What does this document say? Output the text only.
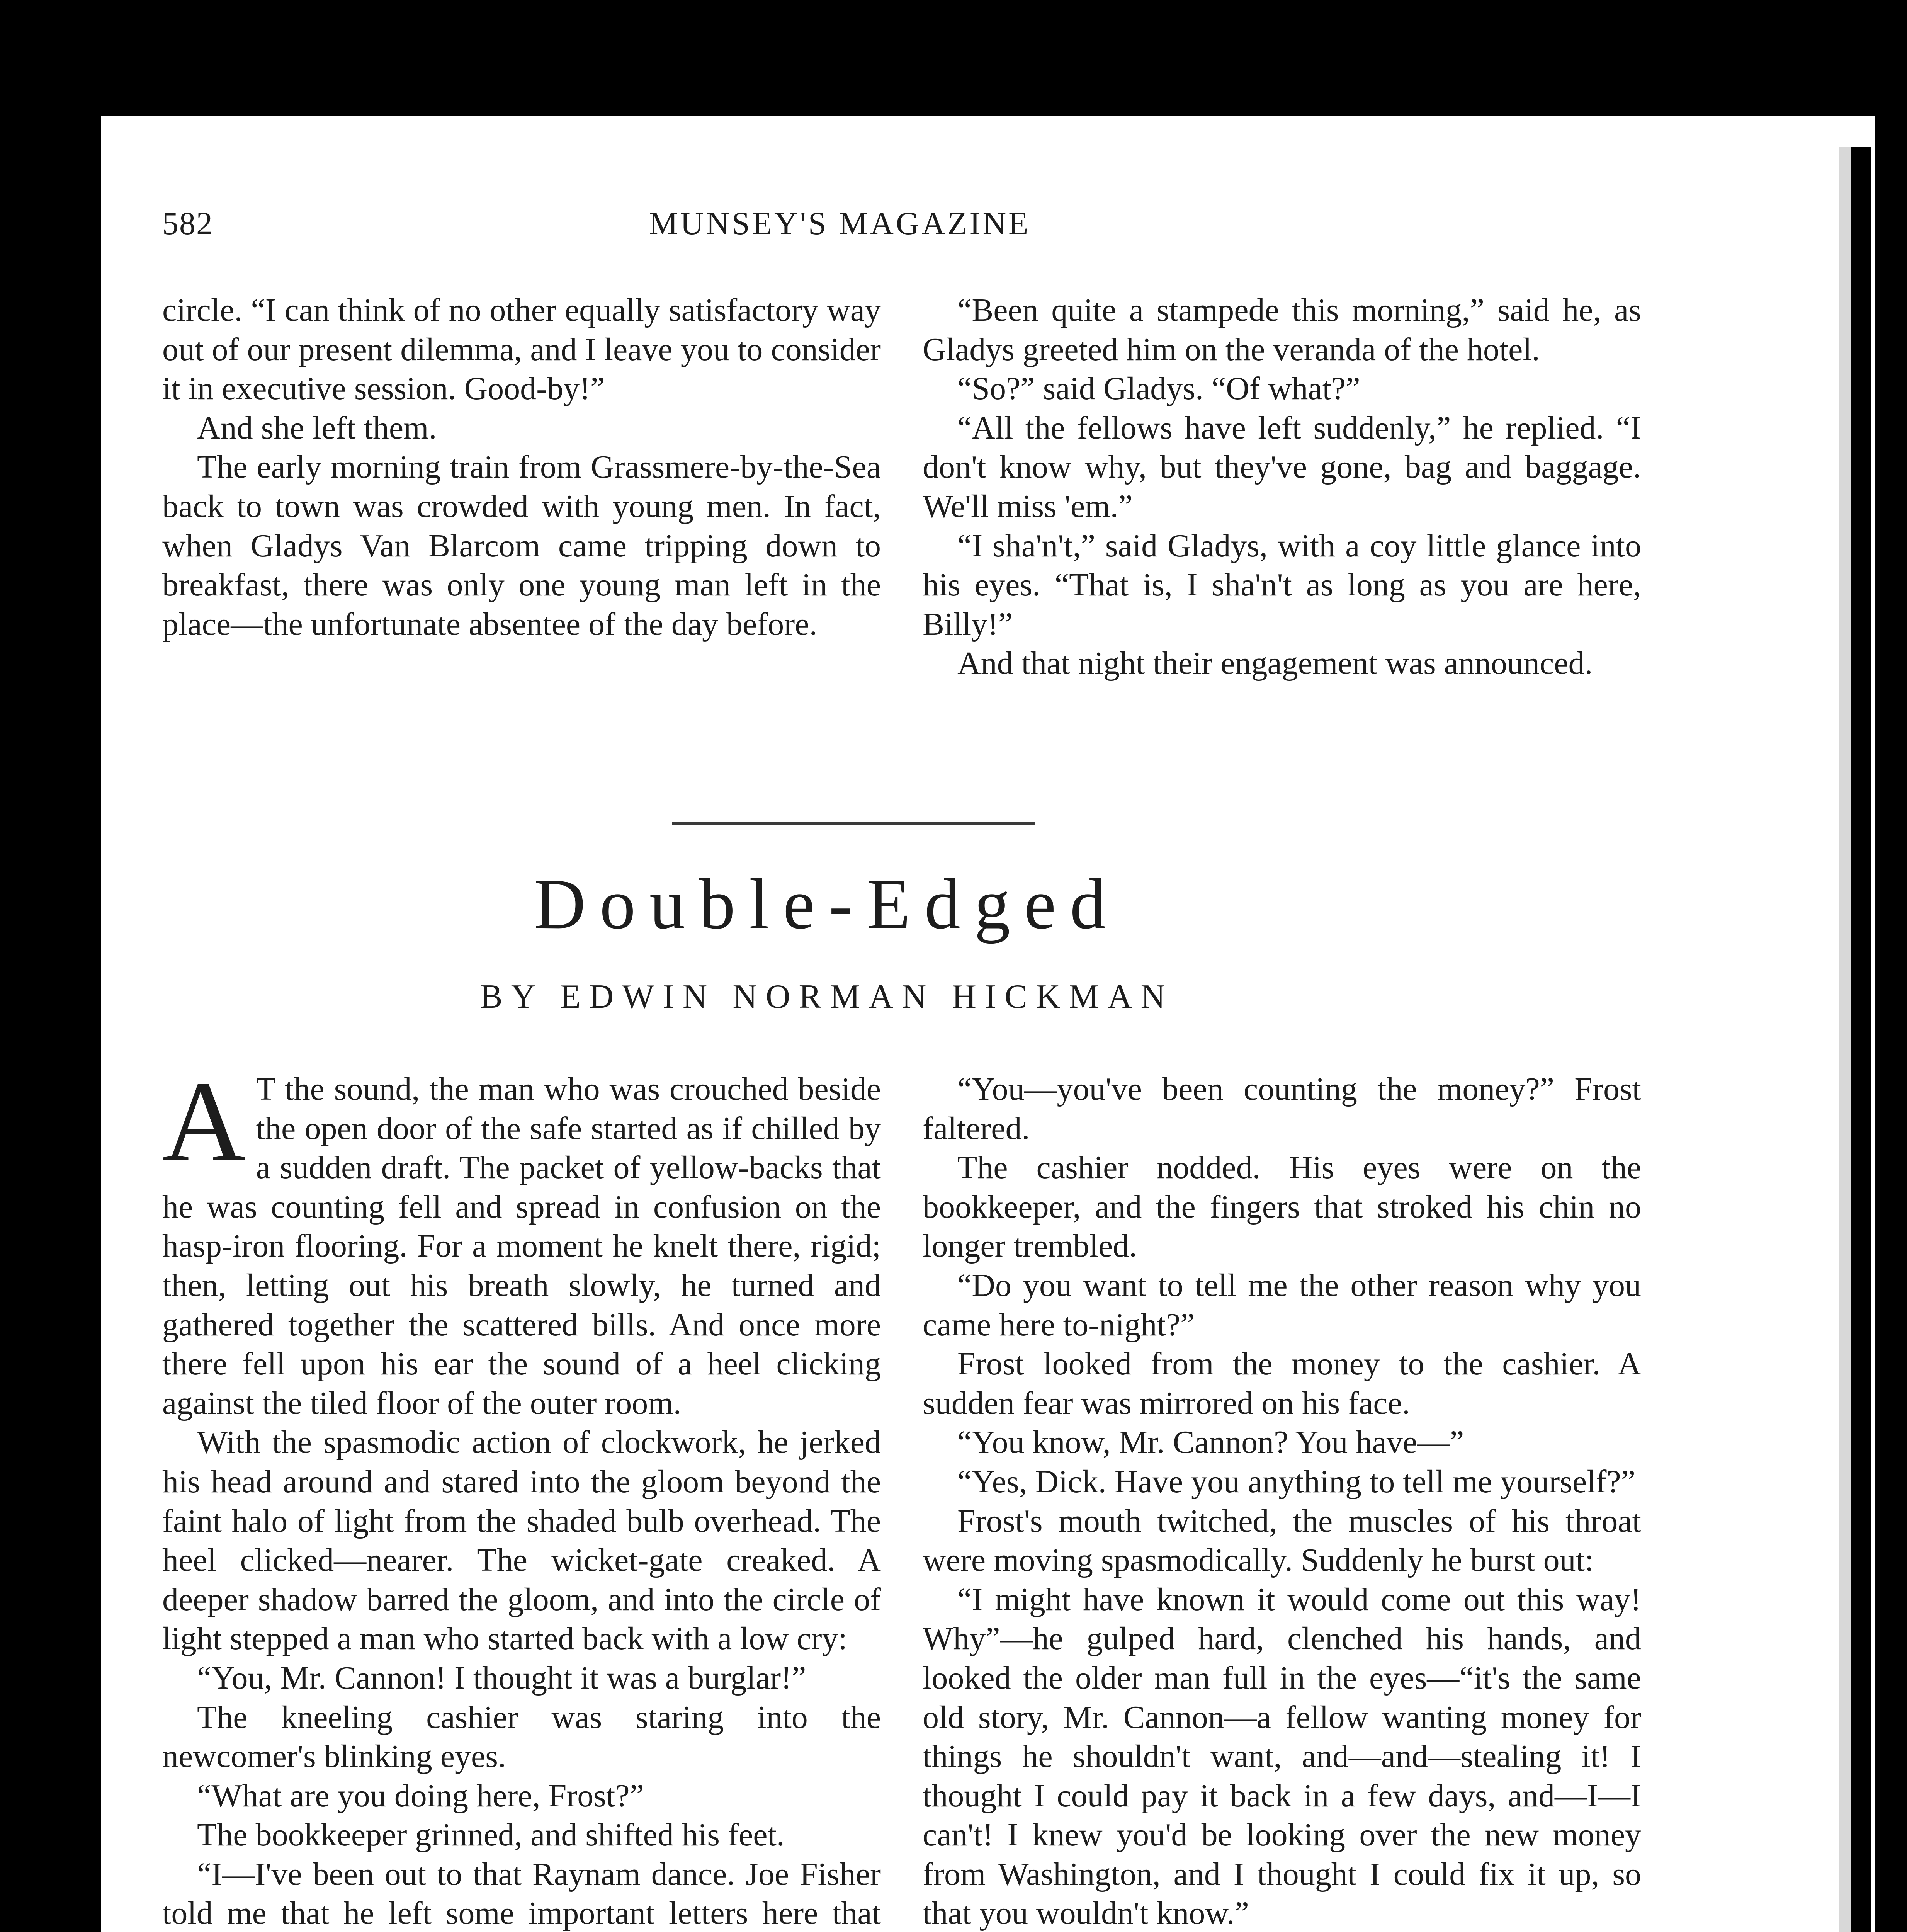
582	MUNSEY'S MAGAZINE

circle. “I can think of no other equally satisfactory way out of our present dilemma, and I leave you to consider it in executive session. Good-by!”

And she left them.

The early morning train from Grassmere-by-the-Sea back to town was crowded with young men. In fact, when Gladys Van Blarcom came tripping down to breakfast, there was only one young man left in the place—the unfortunate absentee of the day before.

“Been quite a stampede this morning,” said he, as Gladys greeted him on the veranda of the hotel.

“So?” said Gladys. “Of what?”

“All the fellows have left suddenly,” he replied. “I don't know why, but they've gone, bag and baggage. We'll miss 'em.”

“I sha'n't,” said Gladys, with a coy little glance into his eyes. “That is, I sha'n't as long as you are here, Billy!”

And that night their engagement was announced.

Double-Edged
BY EDWIN NORMAN HICKMAN

A T the sound, the man who was crouched beside the open door of the safe started as if chilled by a sudden draft. The packet of yellow-backs that he was counting fell and spread in confusion on the hasp-iron flooring. For a moment he knelt there, rigid; then, letting out his breath slowly, he turned and gathered together the scattered bills. And once more there fell upon his ear the sound of a heel clicking against the tiled floor of the outer room.

With the spasmodic action of clockwork, he jerked his head around and stared into the gloom beyond the faint halo of light from the shaded bulb overhead. The heel clicked—nearer. The wicket-gate creaked. A deeper shadow barred the gloom, and into the circle of light stepped a man who started back with a low cry:

“You, Mr. Cannon! I thought it was a burglar!”

The kneeling cashier was staring into the newcomer's blinking eyes.

“What are you doing here, Frost?”

The bookkeeper grinned, and shifted his feet.

“I—I've been out to that Raynam dance. Joe Fisher told me that he left some important letters here that

“You—you've been counting the money?” Frost faltered.

The cashier nodded. His eyes were on the bookkeeper, and the fingers that stroked his chin no longer trembled.

“Do you want to tell me the other reason why you came here to-night?”

Frost looked from the money to the cashier. A sudden fear was mirrored on his face.

“You know, Mr. Cannon? You have—”

“Yes, Dick. Have you anything to tell me yourself?”

Frost's mouth twitched, the muscles of his throat were moving spasmodically. Suddenly he burst out:

“I might have known it would come out this way! Why”—he gulped hard, clenched his hands, and looked the older man full in the eyes—“it's the same old story, Mr. Cannon—a fellow wanting money for things he shouldn't want, and—and—stealing it! I thought I could pay it back in a few days, and—I—I can't! I knew you'd be looking over the new money from Washington, and I thought I could fix it up, so that you wouldn't know.”
